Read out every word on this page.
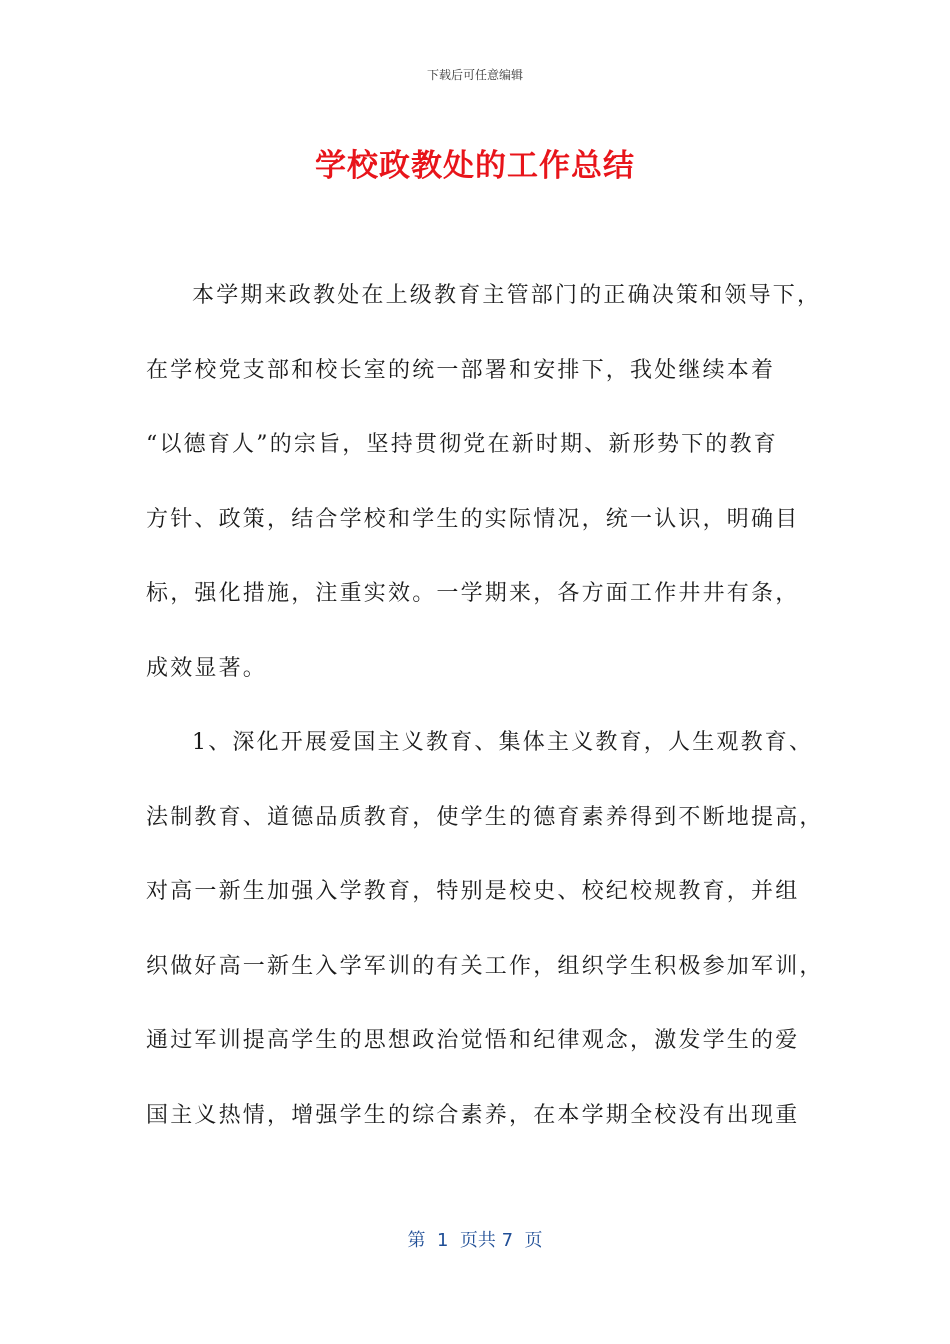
下载后可任意编辑
学校政教处的工作总结
本学期来政教处在上级教育主管部门的正确决策和领导下，
在学校党支部和校长室的统一部署和安排下，我处继续本着
“以德育人”的宗旨，坚持贯彻党在新时期、新形势下的教育
方针、政策，结合学校和学生的实际情况，统一认识，明确目
标，强化措施，注重实效。一学期来，各方面工作井井有条，
成效显著。
1、深化开展爱国主义教育、集体主义教育，人生观教育、
法制教育、道德品质教育，使学生的德育素养得到不断地提高，
对高一新生加强入学教育，特别是校史、校纪校规教育，并组
织做好高一新生入学军训的有关工作，组织学生积极参加军训，
通过军训提高学生的思想政治觉悟和纪律观念，激发学生的爱
国主义热情，增强学生的综合素养，在本学期全校没有出现重
第  1  页共 7  页
